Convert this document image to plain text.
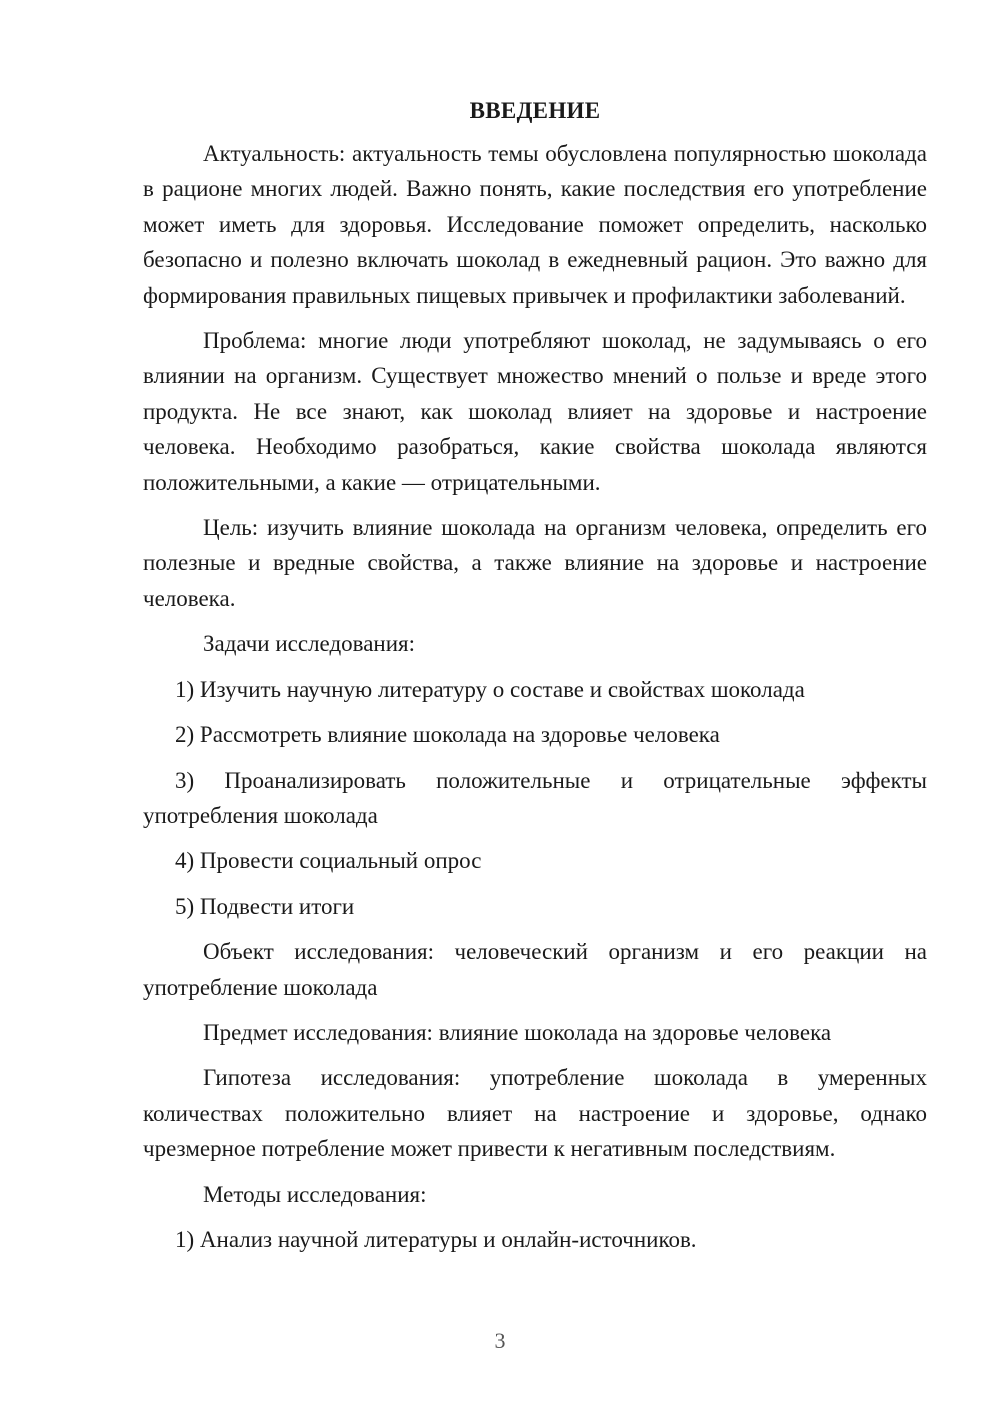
ВВЕДЕНИЕ
Актуальность: актуальность темы обусловлена популярностью шоколада в рационе многих людей. Важно понять, какие последствия его употребление может иметь для здоровья. Исследование поможет определить, насколько безопасно и полезно включать шоколад в ежедневный рацион. Это важно для формирования правильных пищевых привычек и профилактики заболеваний.
Проблема: многие люди употребляют шоколад, не задумываясь о его влиянии на организм. Существует множество мнений о пользе и вреде этого продукта. Не все знают, как шоколад влияет на здоровье и настроение человека. Необходимо разобраться, какие свойства шоколада являются положительными, а какие — отрицательными.
Цель: изучить влияние шоколада на организм человека, определить его полезные и вредные свойства, а также влияние на здоровье и настроение человека.
Задачи исследования:
1) Изучить научную литературу о составе и свойствах шоколада
2) Рассмотреть влияние шоколада на здоровье человека
3) Проанализировать положительные и отрицательные эффекты употребления шоколада
4) Провести социальный опрос
5) Подвести итоги
Объект исследования: человеческий организм и его реакции на употребление шоколада
Предмет исследования: влияние шоколада на здоровье человека
Гипотеза исследования: употребление шоколада в умеренных количествах положительно влияет на настроение и здоровье, однако чрезмерное потребление может привести к негативным последствиям.
Методы исследования:
1) Анализ научной литературы и онлайн-источников.
3
